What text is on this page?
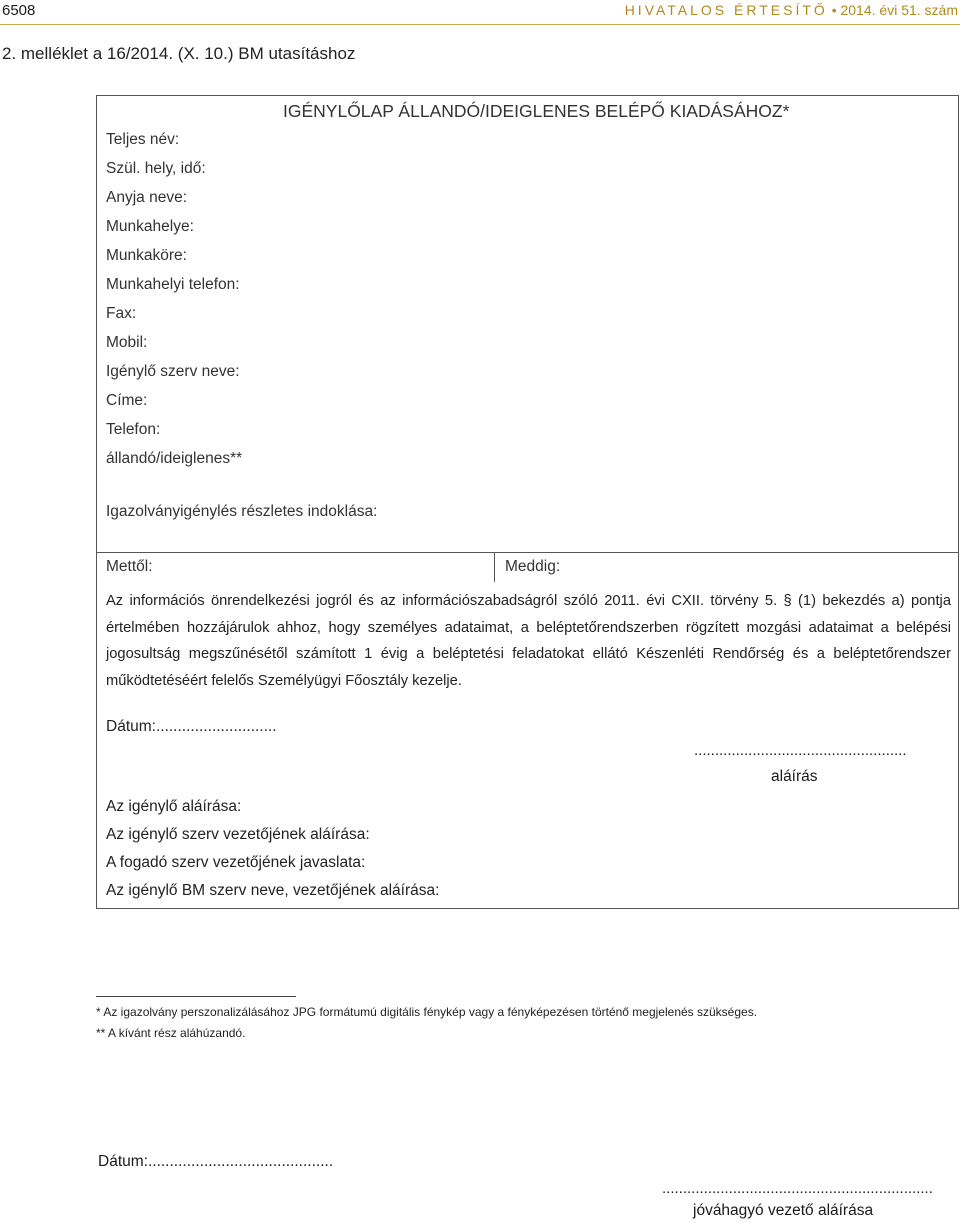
6508	HIVATALOS ÉRTESÍTŐ • 2014. évi 51. szám
2. melléklet a 16/2014. (X. 10.) BM utasításhoz
IGÉNYLŐLAP ÁLLANDÓ/IDEIGLENES BELÉPŐ KIADÁSÁHOZ*
Teljes név:
Szül. hely, idő:
Anyja neve:
Munkahelye:
Munkaköre:
Munkahelyi telefon:
Fax:
Mobil:
Igénylő szerv neve:
Címe:
Telefon:
állandó/ideiglenes**
Igazolványigénylés részletes indoklása:
Mettől:	Meddig:
Az információs önrendelkezési jogról és az információszabadságról szóló 2011. évi CXII. törvény 5. § (1) bekezdés a) pontja értelmében hozzájárulok ahhoz, hogy személyes adataimat, a beléptetőrendszerben rögzített mozgási adataimat a belépési jogosultság megszűnésétől számított 1 évig a beléptetési feladatokat ellátó Készenléti Rendőrség és a beléptetőrendszer működtetéséért felelős Személyügyi Főosztály kezelje.
Dátum:............................
...................................................
aláírás
Az igénylő aláírása:
Az igénylő szerv vezetőjének aláírása:
A fogadó szerv vezetőjének javaslata:
Az igénylő BM szerv neve, vezetőjének aláírása:
* Az igazolvány perszonalizálásához JPG formátumú digitális fénykép vagy a fényképezésen történő megjelenés szükséges.
** A kívánt rész aláhúzandó.
Dátum:...........................................
.................................................................
jóváhagyó vezető aláírása
